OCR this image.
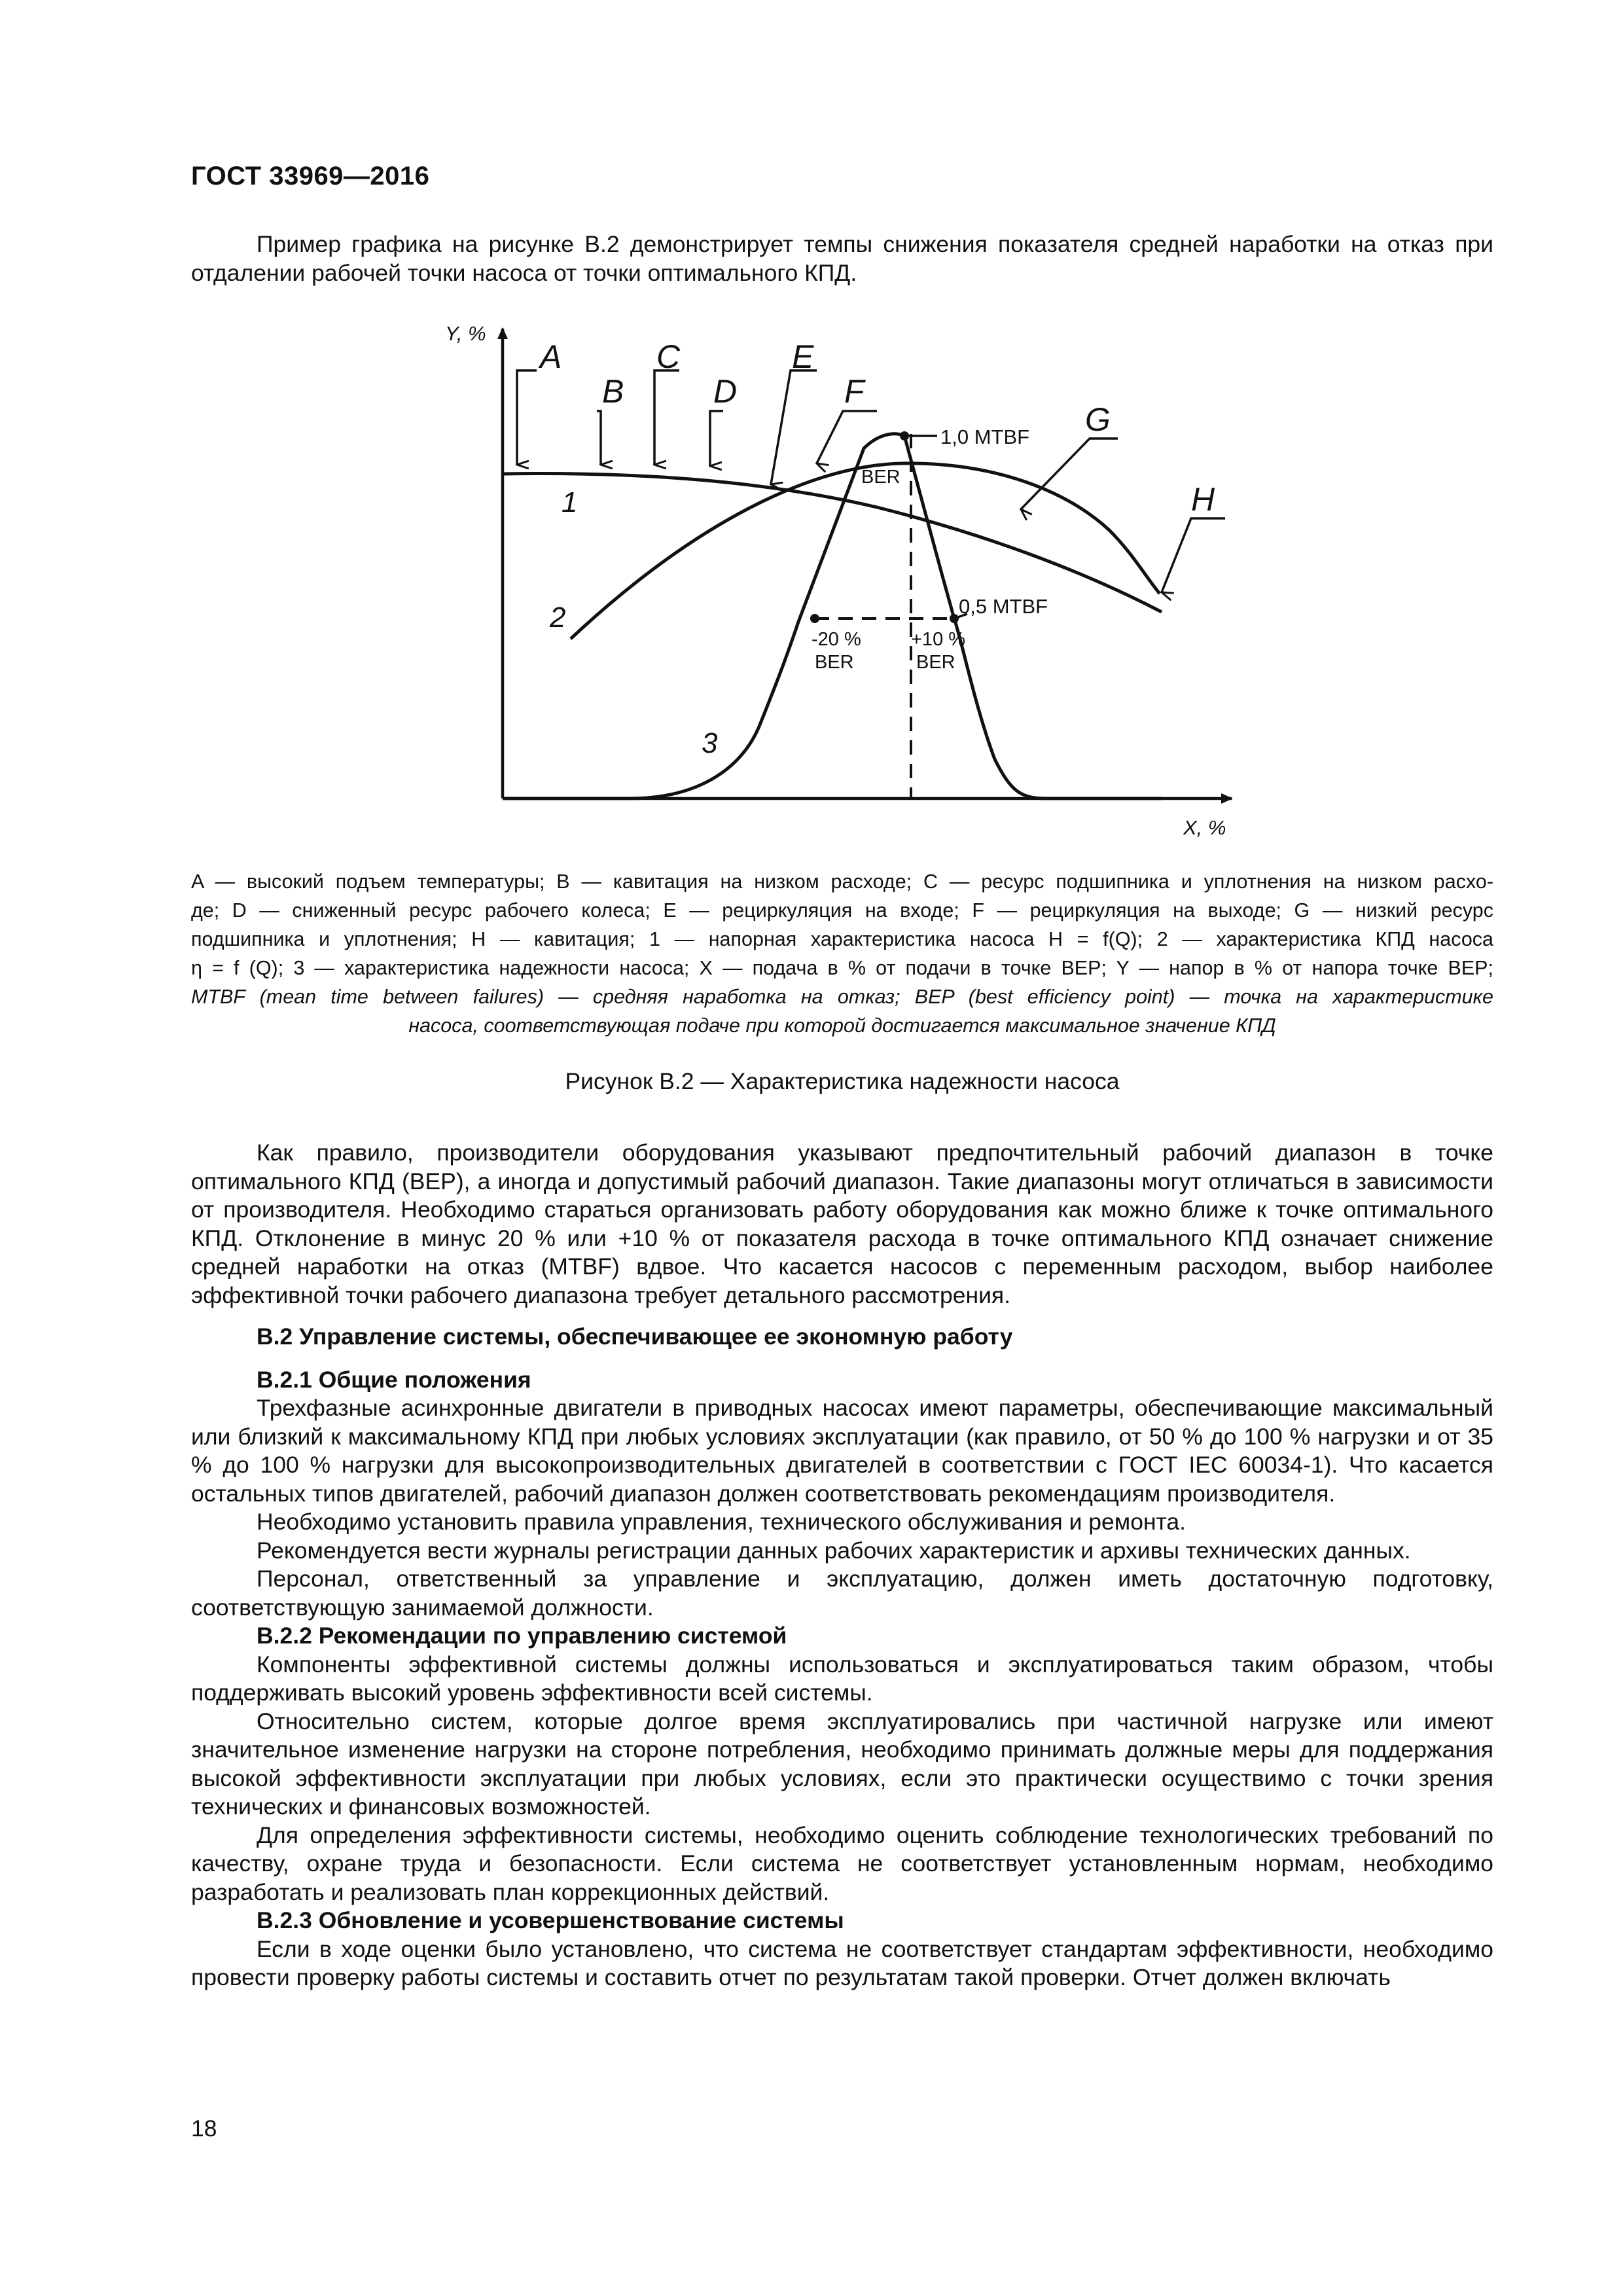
ГОСТ 33969—2016

Пример графика на рисунке В.2 демонстрирует темпы снижения показателя средней наработки на отказ при отдалении рабочей точки насоса от точки оптимального КПД.

Y, %
X, %
1,0 MTBF
0,5 MTBF
BER
-20 %
BER
+10 %
BER
1
2
3
A
B
C
D
E
F
G
H
A — высокий подъем температуры; B — кавитация на низком расходе; C — ресурс подшипника и уплотнения на низком расхо-
де; D — сниженный ресурс рабочего колеса; E — рециркуляция на входе; F — рециркуляция на выходе; G — низкий ресурс
подшипника и уплотнения; H — кавитация; 1 — напорная характеристика насоса H = f(Q); 2 — характеристика КПД насоса
η = f (Q); 3 — характеристика надежности насоса; X — подача в % от подачи в точке BEP; Y — напор в % от напора точке BEP;
MTBF (mean time between failures) — средняя наработка на отказ; BEP (best efficiency point) — точка на характеристике
насоса, соответствующая подаче при которой достигается максимальное значение КПД
Рисунок В.2 — Характеристика надежности насоса

Как правило, производители оборудования указывают предпочтительный рабочий диапазон в точке оптимального КПД (BEP), а иногда и допустимый рабочий диапазон. Такие диапазоны могут отличаться в зависимости от производителя. Необходимо стараться организовать работу оборудования как можно ближе к точке оптимального КПД. Отклонение в минус 20 % или +10 % от показателя расхода в точке оптимального КПД означает снижение средней наработки на отказ (MTBF) вдвое. Что касается насосов с переменным расходом, выбор наиболее эффективной точки рабочего диапазона требует детального рассмотрения.

В.2 Управление системы, обеспечивающее ее экономную работу
В.2.1 Общие положения

Трехфазные асинхронные двигатели в приводных насосах имеют параметры, обеспечивающие максимальный или близкий к максимальному КПД при любых условиях эксплуатации (как правило, от 50 % до 100 % нагрузки и от 35 % до 100 % нагрузки для высокопроизводительных двигателей в соответствии с ГОСТ IEC 60034-1). Что касается остальных типов двигателей, рабочий диапазон должен соответствовать рекомендациям производителя.

Необходимо установить правила управления, технического обслуживания и ремонта.

Рекомендуется вести журналы регистрации данных рабочих характеристик и архивы технических данных.

Персонал, ответственный за управление и эксплуатацию, должен иметь достаточную подготовку, соответствующую занимаемой должности.

В.2.2 Рекомендации по управлению системой

Компоненты эффективной системы должны использоваться и эксплуатироваться таким образом, чтобы поддерживать высокий уровень эффективности всей системы.

Относительно систем, которые долгое время эксплуатировались при частичной нагрузке или имеют значительное изменение нагрузки на стороне потребления, необходимо принимать должные меры для поддержания высокой эффективности эксплуатации при любых условиях, если это практически осуществимо с точки зрения технических и финансовых возможностей.

Для определения эффективности системы, необходимо оценить соблюдение технологических требований по качеству, охране труда и безопасности. Если система не соответствует установленным нормам, необходимо разработать и реализовать план коррекционных действий.

В.2.3 Обновление и усовершенствование системы

Если в ходе оценки было установлено, что система не соответствует стандартам эффективности, необходимо провести проверку работы системы и составить отчет по результатам такой проверки. Отчет должен включать

18
